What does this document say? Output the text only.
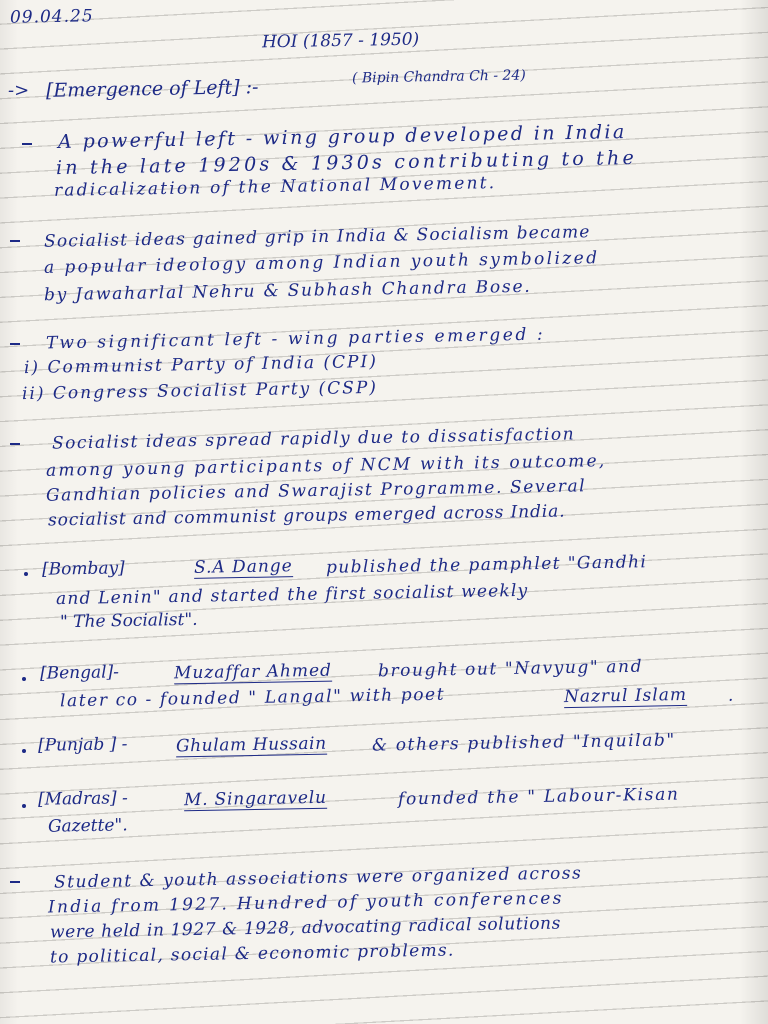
09.04.25
HOI (1857 - 1950)
-> [Emergence of Left] :-	( Bipin Chandra Ch - 24)
A powerful left - wing group developed in India
in the late 1920s & 1930s contributing to the
radicalization of the National Movement.
Socialist ideas gained grip in India & Socialism became
a popular ideology among Indian youth symbolized
by Jawaharlal Nehru & Subhash Chandra Bose.
Two significant left - wing parties emerged :
i) Communist Party of India (CPI)
ii) Congress Socialist Party (CSP)
Socialist ideas spread rapidly due to dissatisfaction
among young participants of NCM with its outcome,
Gandhian policies and Swarajist Programme. Several
socialist and communist groups emerged across India.
[Bombay]	S.A Dange published the pamphlet "Gandhi
and Lenin" and started the first socialist weekly
" The Socialist".
[Bengal]-	Muzaffar Ahmed	brought out "Navyug" and
later co - founded " Langal" with poet	Nazrul Islam .
[Punjab ] -	Ghulam Hussain	& others published "Inquilab"
[Madras] -	M. Singaravelu	founded the " Labour-Kisan
Gazette".
Student & youth associations were organized across
India from 1927. Hundred of youth conferences
were held in 1927 & 1928, advocating radical solutions
to political, social & economic problems.
